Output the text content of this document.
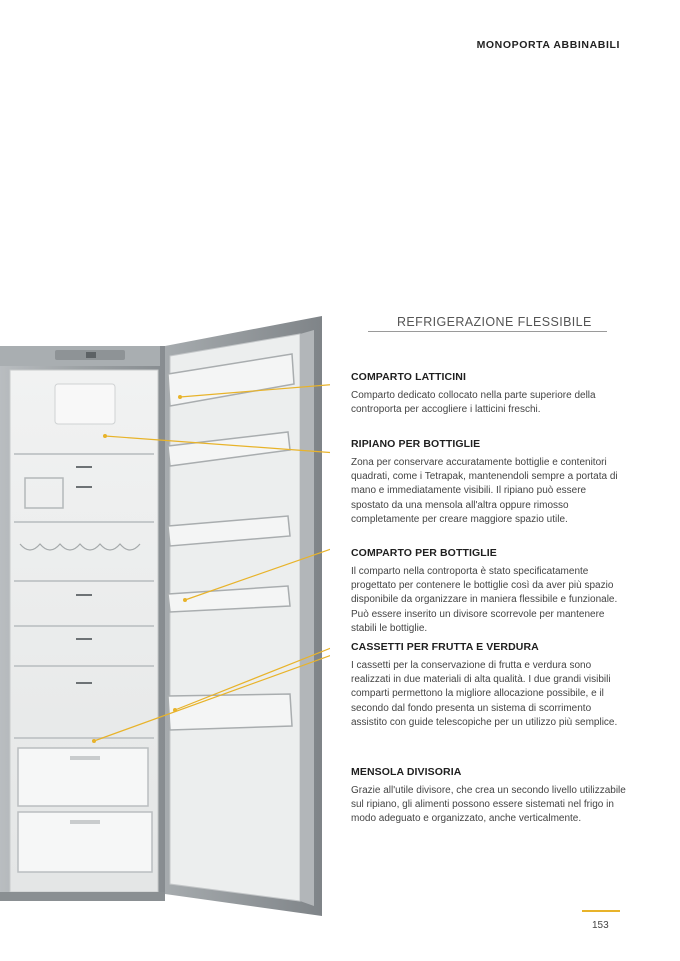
MONOPORTA ABBINABILI
REFRIGERAZIONE FLESSIBILE
COMPARTO LATTICINI

Comparto dedicato collocato nella parte superiore della controporta per accogliere i latticini freschi.

RIPIANO PER BOTTIGLIE

Zona per conservare accuratamente bottiglie e contenitori quadrati, come i Tetrapak, mantenendoli sempre a portata di mano e immediatamente visibili. Il ripiano può essere spostato da una mensola all'altra oppure rimosso completamente per creare maggiore spazio utile.

COMPARTO PER BOTTIGLIE

Il comparto nella controporta è stato specificatamente progettato per contenere le bottiglie così da aver più spazio disponibile da organizzare in maniera flessibile e funzionale. Può essere inserito un divisore scorrevole per mantenere stabili le bottiglie.

CASSETTI PER FRUTTA E VERDURA

I cassetti per la conservazione di frutta e verdura sono realizzati in due materiali di alta qualità. I due grandi visibili comparti permettono la migliore allocazione possibile, e il secondo dal fondo presenta un sistema di scorrimento assistito con guide telescopiche per un utilizzo più semplice.

MENSOLA DIVISORIA

Grazie all'utile divisore, che crea un secondo livello utilizzabile sul ripiano, gli alimenti possono essere sistemati nel frigo in modo adeguato e organizzato, anche verticalmente.

153
